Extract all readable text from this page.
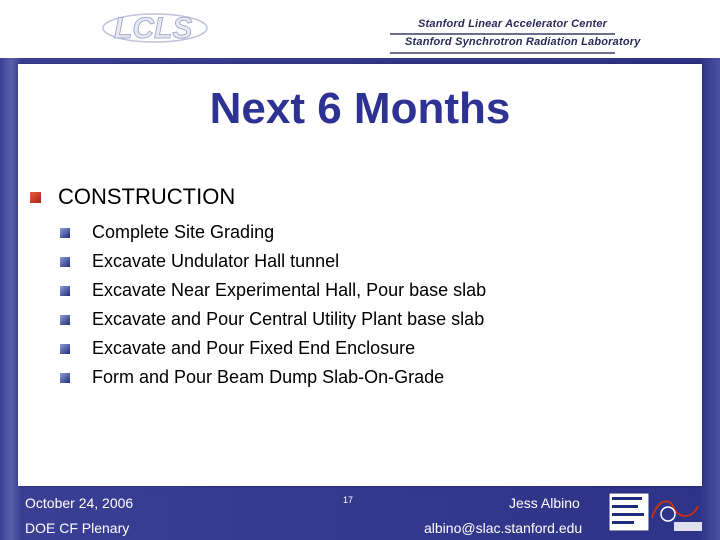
LCLS	Stanford Linear Accelerator Center
Stanford Synchrotron Radiation Laboratory
Next 6 Months
CONSTRUCTION
Complete Site Grading
Excavate Undulator Hall tunnel
Excavate Near Experimental Hall, Pour base slab
Excavate and Pour Central Utility Plant base slab
Excavate and Pour Fixed End Enclosure
Form and Pour Beam Dump Slab-On-Grade
October 24, 2006
DOE CF Plenary
17	Jess Albino
albino@slac.stanford.edu
